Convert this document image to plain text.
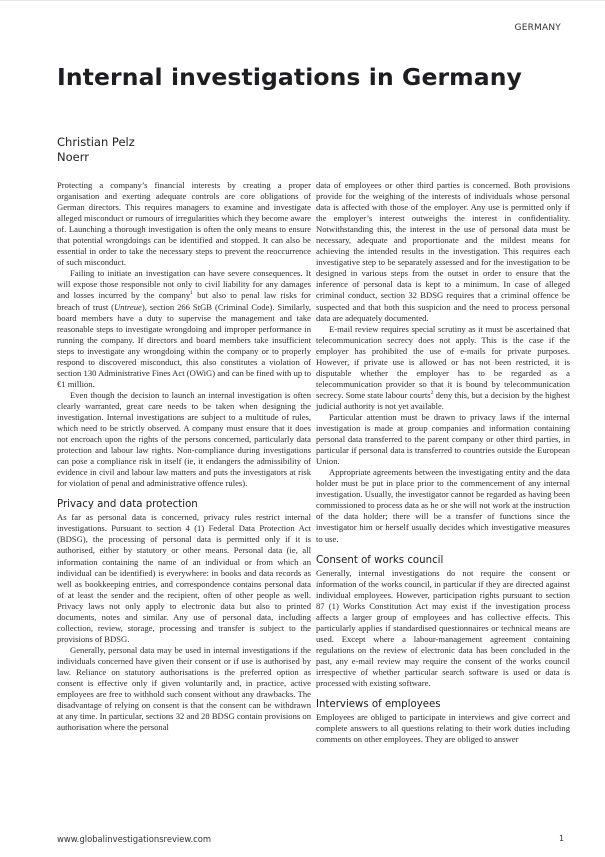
GERMANY
Internal investigations in Germany
Christian Pelz
Noerr

Protecting a company’s financial interests by creating a proper organisation and exerting adequate controls are core obligations of German directors. This requires managers to examine and investigate alleged misconduct or rumours of irregularities which they become aware of. Launching a thorough investigation is often the only means to ensure that potential wrongdoings can be identified and stopped. It can also be essential in order to take the necessary steps to prevent the reoccurrence of such misconduct.

Failing to initiate an investigation can have severe consequences. It will expose those responsible not only to civil liability for any damages and losses incurred by the company$^1$ but also to penal law risks for breach of trust (Untreue), section 266 StGB (Criminal Code). Similarly, board members have a duty to supervise the management and take reasonable steps to investigate wrongdoing and improper performance in running the company. If directors and board members take insufficient steps to investigate any wrongdoing within the company or to properly respond to discovered misconduct, this also constitutes a violation of section 130 Administrative Fines Act (OWiG) and can be fined with up to €1 million.

Even though the decision to launch an internal investigation is often clearly warranted, great care needs to be taken when designing the investigation. Internal investigations are subject to a multitude of rules, which need to be strictly observed. A company must ensure that it does not encroach upon the rights of the persons concerned, particularly data protection and labour law rights. Non-compliance during investigations can pose a compliance risk in itself (ie, it endangers the admissibility of evidence in civil and labour law matters and puts the investigators at risk for violation of penal and administrative offence rules).

Privacy and data protection

As far as personal data is concerned, privacy rules restrict internal investigations. Pursuant to section 4 (1) Federal Data Protection Act (BDSG), the processing of personal data is permitted only if it is authorised, either by statutory or other means. Personal data (ie, all information containing the name of an individual or from which an individual can be identified) is everywhere: in books and data records as well as bookkeeping entries, and correspondence contains personal data of at least the sender and the recipient, often of other people as well. Privacy laws not only apply to electronic data but also to printed documents, notes and similar. Any use of personal data, including collection, review, storage, processing and transfer is subject to the provisions of BDSG.

Generally, personal data may be used in internal investigations if the individuals concerned have given their consent or if use is authorised by law. Reliance on statutory authorisations is the preferred option as consent is effective only if given voluntarily and, in practice, active employees are free to withhold such consent without any drawbacks. The disadvantage of relying on consent is that the consent can be withdrawn at any time. In particular, sections 32 and 28 BDSG contain provisions on authorisation where the personal

data of employees or other third parties is concerned. Both provisions provide for the weighing of the interests of individuals whose personal data is affected with those of the employer. Any use is permitted only if the employer’s interest outweighs the interest in confidentiality. Notwithstanding this, the interest in the use of personal data must be necessary, adequate and proportionate and the mildest means for achieving the intended results in the investigation. This requires each investigative step to be separately assessed and for the investigation to be designed in various steps from the outset in order to ensure that the inference of personal data is kept to a minimum. In case of alleged criminal conduct, section 32 BDSG requires that a criminal offence be suspected and that both this suspicion and the need to process personal data are adequately documented.

E-mail review requires special scrutiny as it must be ascertained that telecommunication secrecy does not apply. This is the case if the employer has prohibited the use of e-mails for private purposes. However, if private use is allowed or has not been restricted, it is disputable whether the employer has to be regarded as a telecommunication provider so that it is bound by telecommunication secrecy. Some state labour courts$^2$ deny this, but a decision by the highest judicial authority is not yet available.

Particular attention must be drawn to privacy laws if the internal investigation is made at group companies and information containing personal data transferred to the parent company or other third parties, in particular if personal data is transferred to countries outside the European Union.

Appropriate agreements between the investigating entity and the data holder must be put in place prior to the commencement of any internal investigation. Usually, the investigator cannot be regarded as having been commissioned to process data as he or she will not work at the instruction of the data holder; there will be a transfer of functions since the investigator him or herself usually decides which investigative measures to use.

Consent of works council

Generally, internal investigations do not require the consent or information of the works council, in particular if they are directed against individual employees. However, participation rights pursuant to section 87 (1) Works Constitution Act may exist if the investigation process affects a larger group of employees and has collective effects. This particularly applies if standardised questionnaires or technical means are used. Except where a labour-management agreement containing regulations on the review of electronic data has been concluded in the past, any e-mail review may require the consent of the works council irrespective of whether particular search software is used or data is processed with existing software.

Interviews of employees

Employees are obliged to participate in interviews and give correct and complete answers to all questions relating to their work duties including comments on other employees. They are obliged to answer

www.globalinvestigationsreview.com	1
